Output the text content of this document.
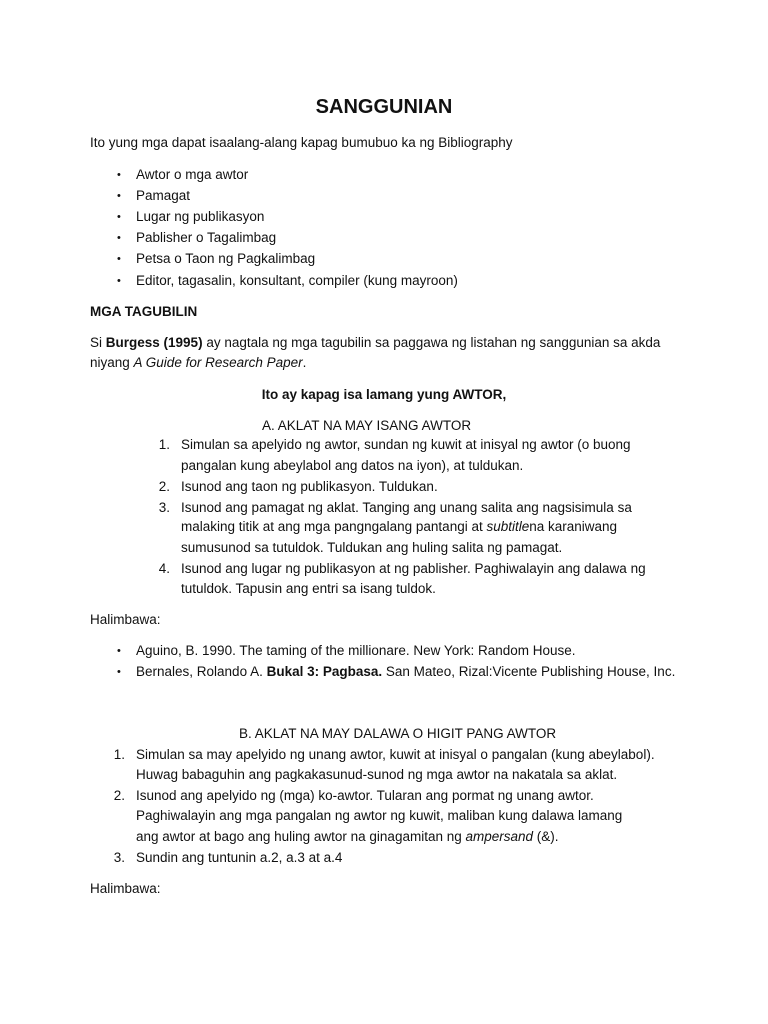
SANGGUNIAN
Ito yung mga dapat isaalang-alang kapag bumubuo ka ng Bibliography
• Awtor o mga awtor
• Pamagat
• Lugar ng publikasyon
• Pablisher o Tagalimbag
• Petsa o Taon ng Pagkalimbag
• Editor, tagasalin, konsultant, compiler (kung mayroon)
MGA TAGUBILIN
Si Burgess (1995) ay nagtala ng mga tagubilin sa paggawa ng listahan ng sanggunian sa akda
niyang A Guide for Research Paper.
Ito ay kapag isa lamang yung AWTOR,
A. AKLAT NA MAY ISANG AWTOR
1. Simulan sa apelyido ng awtor, sundan ng kuwit at inisyal ng awtor (o buong
pangalan kung abeylabol ang datos na iyon), at tuldukan.
2. Isunod ang taon ng publikasyon. Tuldukan.
3. Isunod ang pamagat ng aklat. Tanging ang unang salita ang nagsisimula sa
malaking titik at ang mga pangngalang pantangi at subtitlena karaniwang
sumusunod sa tutuldok. Tuldukan ang huling salita ng pamagat.
4. Isunod ang lugar ng publikasyon at ng pablisher. Paghiwalayin ang dalawa ng
tutuldok. Tapusin ang entri sa isang tuldok.
Halimbawa:
• Aguino, B. 1990. The taming of the millionare. New York: Random House.
• Bernales, Rolando A. Bukal 3: Pagbasa. San Mateo, Rizal:Vicente Publishing House, Inc.
B. AKLAT NA MAY DALAWA O HIGIT PANG AWTOR
1. Simulan sa may apelyido ng unang awtor, kuwit at inisyal o pangalan (kung abeylabol).
Huwag babaguhin ang pagkakasunud-sunod ng mga awtor na nakatala sa aklat.
2. Isunod ang apelyido ng (mga) ko-awtor. Tularan ang pormat ng unang awtor.
Paghiwalayin ang mga pangalan ng awtor ng kuwit, maliban kung dalawa lamang
ang awtor at bago ang huling awtor na ginagamitan ng ampersand (&).
3. Sundin ang tuntunin a.2, a.3 at a.4
Halimbawa:
